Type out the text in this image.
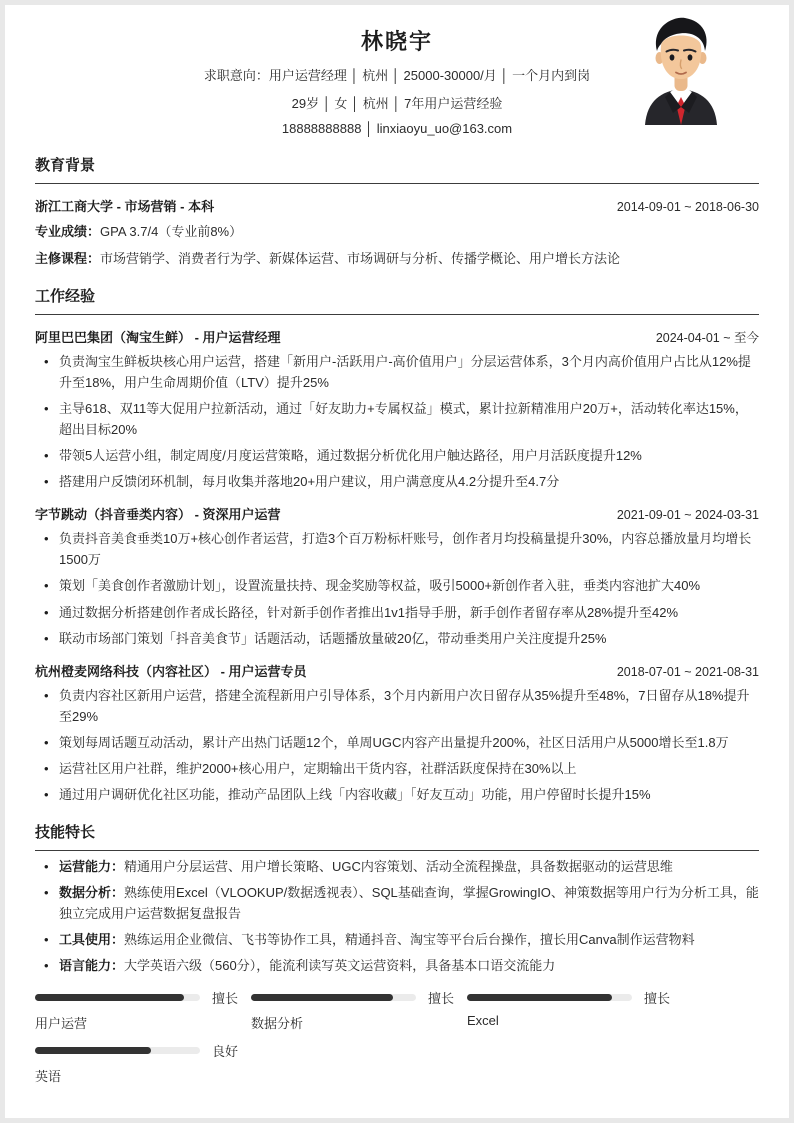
林晓宇
求职意向：用户运营经理 │ 杭州 │ 25000-30000/月 │ 一个月内到岗
29岁 │ 女 │ 杭州 │ 7年用户运营经验
18888888888 │ linxiaoyu_uo@163.com
教育背景
浙江工商大学 - 市场营销 - 本科	2014-09-01 ~ 2018-06-30
专业成绩：GPA 3.7/4（专业前8%）
主修课程：市场营销学、消费者行为学、新媒体运营、市场调研与分析、传播学概论、用户增长方法论
工作经验
阿里巴巴集团（淘宝生鲜） - 用户运营经理	2024-04-01 ~ 至今
• 负责淘宝生鲜板块核心用户运营，搭建「新用户-活跃用户-高价值用户」分层运营体系，3个月内高价值用户占比从12%提升至18%，用户生命周期价值（LTV）提升25%
• 主导618、双11等大促用户拉新活动，通过「好友助力+专属权益」模式，累计拉新精准用户20万+，活动转化率达15%，超出目标20%
• 带领5人运营小组，制定周度/月度运营策略，通过数据分析优化用户触达路径，用户月活跃度提升12%
• 搭建用户反馈闭环机制，每月收集并落地20+用户建议，用户满意度从4.2分提升至4.7分
字节跳动（抖音垂类内容） - 资深用户运营	2021-09-01 ~ 2024-03-31
• 负责抖音美食垂类10万+核心创作者运营，打造3个百万粉标杆账号，创作者月均投稿量提升30%，内容总播放量月均增长1500万
• 策划「美食创作者激励计划」，设置流量扶持、现金奖励等权益，吸引5000+新创作者入驻，垂类内容池扩大40%
• 通过数据分析搭建创作者成长路径，针对新手创作者推出1v1指导手册，新手创作者留存率从28%提升至42%
• 联动市场部门策划「抖音美食节」话题活动，话题播放量破20亿，带动垂类用户关注度提升25%
杭州橙麦网络科技（内容社区） - 用户运营专员	2018-07-01 ~ 2021-08-31
• 负责内容社区新用户运营，搭建全流程新用户引导体系，3个月内新用户次日留存从35%提升至48%，7日留存从18%提升至29%
• 策划每周话题互动活动，累计产出热门话题12个，单周UGC内容产出量提升200%，社区日活用户从5000增长至1.8万
• 运营社区用户社群，维护2000+核心用户，定期输出干货内容，社群活跃度保持在30%以上
• 通过用户调研优化社区功能，推动产品团队上线「内容收藏」「好友互动」功能，用户停留时长提升15%
技能特长
• 运营能力：精通用户分层运营、用户增长策略、UGC内容策划、活动全流程操盘，具备数据驱动的运营思维
• 数据分析：熟练使用Excel（VLOOKUP/数据透视表）、SQL基础查询，掌握GrowingIO、神策数据等用户行为分析工具，能独立完成用户运营数据复盘报告
• 工具使用：熟练运用企业微信、飞书等协作工具，精通抖音、淘宝等平台后台操作，擅长用Canva制作运营物料
• 语言能力：大学英语六级（560分），能流利读写英文运营资料，具备基本口语交流能力
擅长
用户运营
擅长
数据分析
擅长
Excel
良好
英语
